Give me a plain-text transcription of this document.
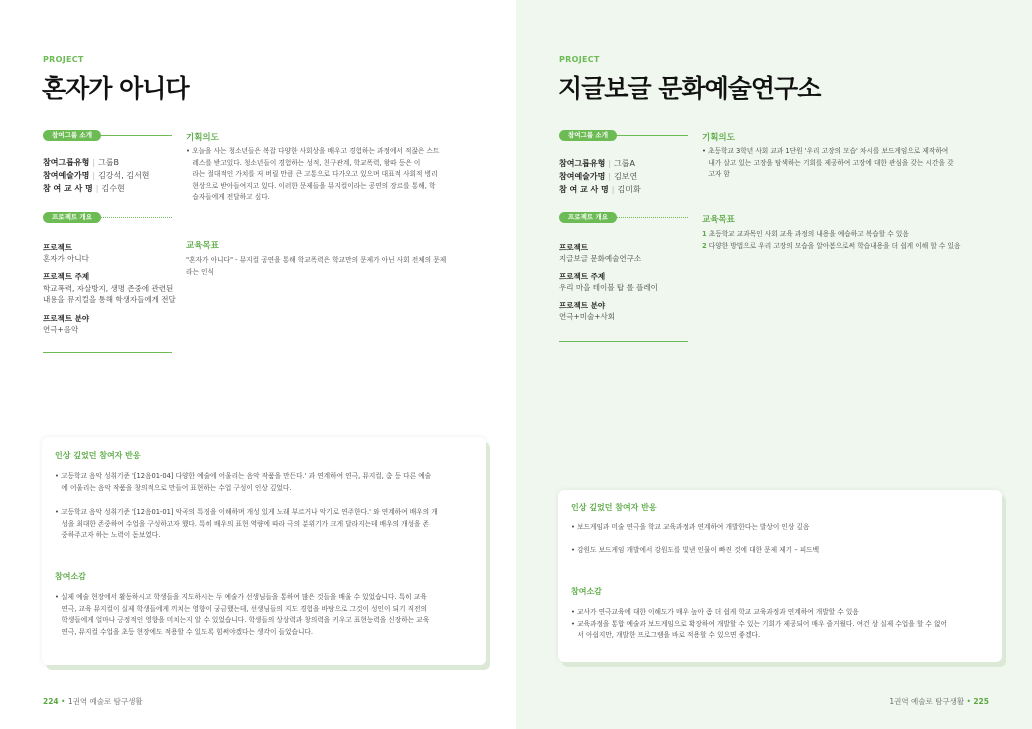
PROJECT
혼자가 아니다
참여그룹 소개
참여그룹유형 | 그룹B
참여예술가명 | 김강석, 김서현
참 여 교 사 명 | 김수현
프로젝트 개요
프로젝트
혼자가 아니다
프로젝트 주제
학교폭력, 자살방지, 생명 존중에 관련된
내용을 뮤지컬을 통해 학생자들에게 전달
프로젝트 분야
연극+음악
기획의도
• 오늘을 사는 청소년들은 복잡 다양한 사회상을 배우고 경험하는 과정에서 적잖은 스트
레스를 받고있다. 청소년들이 경험하는 성적, 친구관계, 학교폭력, 왕따 등은 이
라는 절대적인 가치를 저 버릴 만큼 큰 고통으로 다가오고 있으며 대표적 사회적 병리
현상으로 받아들여지고 있다. 이러한 문제들을 뮤지컬이라는 공연의 장르를 통해, 학
습자들에게 전달하고 싶다.
교육목표
"혼자가 아니다" - 뮤지컬 공연을 통해 학교폭력은 학교만의 문제가 아닌 사회 전체의 문제
라는 인식
인상 깊었던 참여자 반응
• 고등학교 음악 성취기준 '[12음01-04] 다양한 예술에 어울리는 음악 작품을 만든다.' 과 연계하여 연극, 뮤지컬, 춤 등 다른 예술
에 어울리는 음악 작품을 창의적으로 만들어 표현하는 수업 구성이 인상 깊었다.
• 고등학교 음악 성취기준 '[12음01-01] 악곡의 특징을 이해하며 개성 있게 노래 부르거나 악기로 연주한다.' 와 연계하여 배우의 개
성을 최대한 존중하여 수업을 구성하고자 했다. 특히 배우의 표현 역량에 따라 극의 분위기가 크게 달라지는데 배우의 개성을 존
중하주고자 하는 노력이 돋보였다.
참여소감
• 실제 예술 현장에서 활동하시고 학생들을 지도하시는 두 예술가 선생님들을 통하여 많은 것들을 배울 수 있었습니다. 특히 교육
연극, 교육 뮤지컬이 실제 학생들에게 끼치는 영향이 궁금했는데, 선생님들의 지도 경험을 바탕으로 그것이 성인이 되기 직전의
학생들에게 얼마나 긍정적인 영향을 미치는지 알 수 있었습니다. 학생들의 상상력과 창의력을 키우고 표현능력을 신장하는 교육
연극, 뮤지컬 수업을 초등 현장에도 적용할 수 있도록 힘써야겠다는 생각이 들었습니다.
224 • 1권역 예술로 탐구생활
PROJECT
지글보글 문화예술연구소
참여그룹 소개
참여그룹유형 | 그룹A
참여예술가명 | 김보연
참 여 교 사 명 | 김미화
프로젝트 개요
프로젝트
지글보글 문화예술연구소
프로젝트 주제
우리 마을 테이블 탑 롤 플레이
프로젝트 분야
연극+미술+사회
기획의도
• 초등학교 3학년 사회 교과 1단원 '우리 고장의 모습' 차시를 보드게임으로 제작하여
내가 살고 있는 고장을 탐색하는 기회를 제공하여 고장에 대한 관심을 갖는 시간을 갖
고자 함
교육목표
1 초등학교 교과목인 사회 교육 과정의 내용을 예습하고 복습할 수 있음
2 다양한 방법으로 우리 고장의 모습을 알아봄으로써 학습내용을 더 쉽게 이해 할 수 있음
인상 깊었던 참여자 반응
• 보드게임과 미술 연극을 학교 교육과정과 연계하여 개발한다는 발상이 인상 깊음
• 강원도 보드게임 개발에서 강원도를 빛낸 인물이 빠진 것에 대한 문제 제기 – 피드백
참여소감
• 교사가 연극교육에 대한 이해도가 매우 높아 좀 더 쉽게 학교 교육과정과 연계하여 개발할 수 있음
• 교육과정을 통합 예술과 보드게임으로 확장하여 개발할 수 있는 기회가 제공되어 매우 즐거웠다. 여건 상 실제 수업을 할 수 없어
서 아쉽지만, 개발한 프로그램을 바로 적용할 수 있으면 좋겠다.
1권역 예술로 탐구생활 • 225
